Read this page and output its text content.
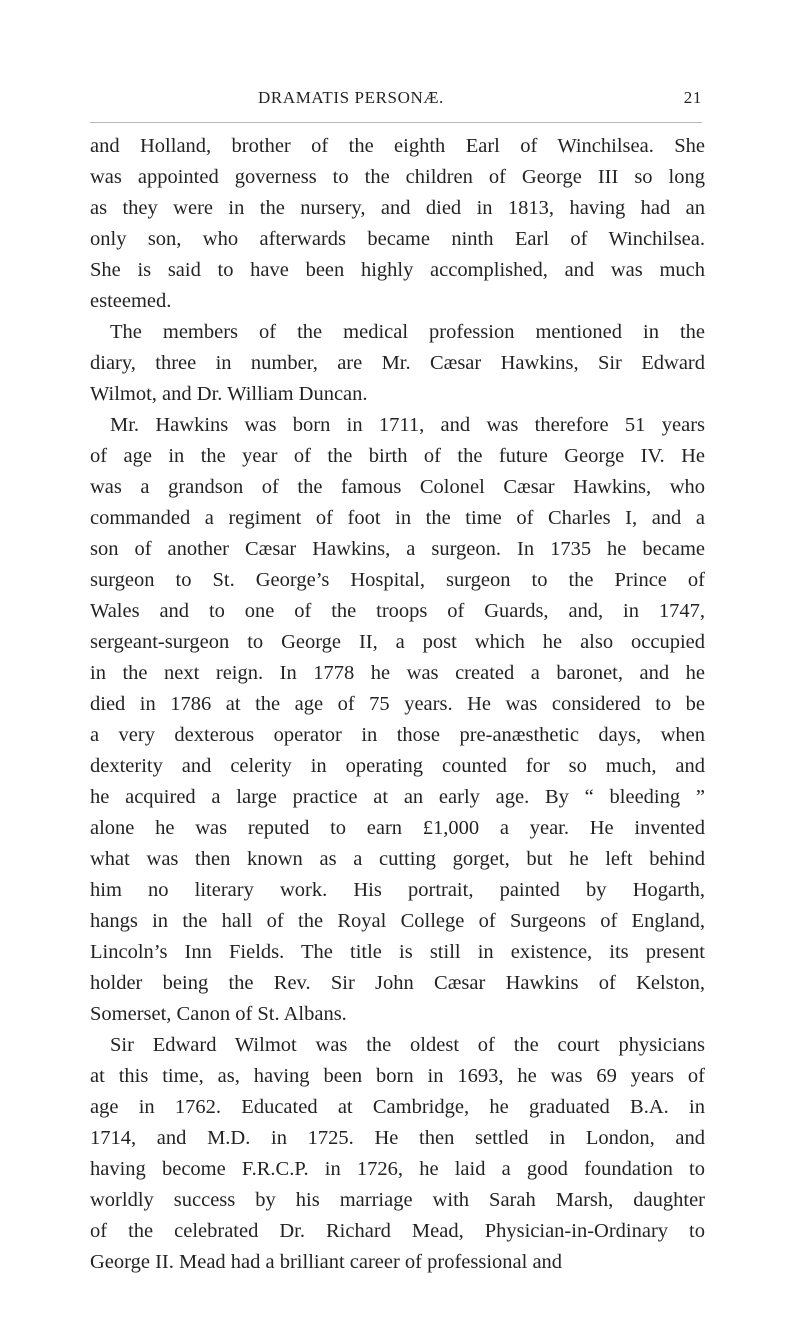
DRAMATIS PERSONÆ.	21
and Holland, brother of the eighth Earl of Winchilsea. She
was appointed governess to the children of George III so long
as they were in the nursery, and died in 1813, having had an
only son, who afterwards became ninth Earl of Winchilsea.
She is said to have been highly accomplished, and was much
esteemed.
The members of the medical profession mentioned in the
diary, three in number, are Mr. Cæsar Hawkins, Sir Edward
Wilmot, and Dr. William Duncan.
Mr. Hawkins was born in 1711, and was therefore 51 years
of age in the year of the birth of the future George IV. He
was a grandson of the famous Colonel Cæsar Hawkins, who
commanded a regiment of foot in the time of Charles I, and a
son of another Cæsar Hawkins, a surgeon. In 1735 he became
surgeon to St. George’s Hospital, surgeon to the Prince of
Wales and to one of the troops of Guards, and, in 1747,
sergeant-surgeon to George II, a post which he also occupied
in the next reign. In 1778 he was created a baronet, and he
died in 1786 at the age of 75 years. He was considered to be
a very dexterous operator in those pre-anæsthetic days, when
dexterity and celerity in operating counted for so much, and
he acquired a large practice at an early age. By “ bleeding ”
alone he was reputed to earn £1,000 a year. He invented
what was then known as a cutting gorget, but he left behind
him no literary work. His portrait, painted by Hogarth,
hangs in the hall of the Royal College of Surgeons of England,
Lincoln’s Inn Fields. The title is still in existence, its present
holder being the Rev. Sir John Cæsar Hawkins of Kelston,
Somerset, Canon of St. Albans.
Sir Edward Wilmot was the oldest of the court physicians
at this time, as, having been born in 1693, he was 69 years of
age in 1762. Educated at Cambridge, he graduated B.A. in
1714, and M.D. in 1725. He then settled in London, and
having become F.R.C.P. in 1726, he laid a good foundation to
worldly success by his marriage with Sarah Marsh, daughter
of the celebrated Dr. Richard Mead, Physician-in-Ordinary to
George II. Mead had a brilliant career of professional and
